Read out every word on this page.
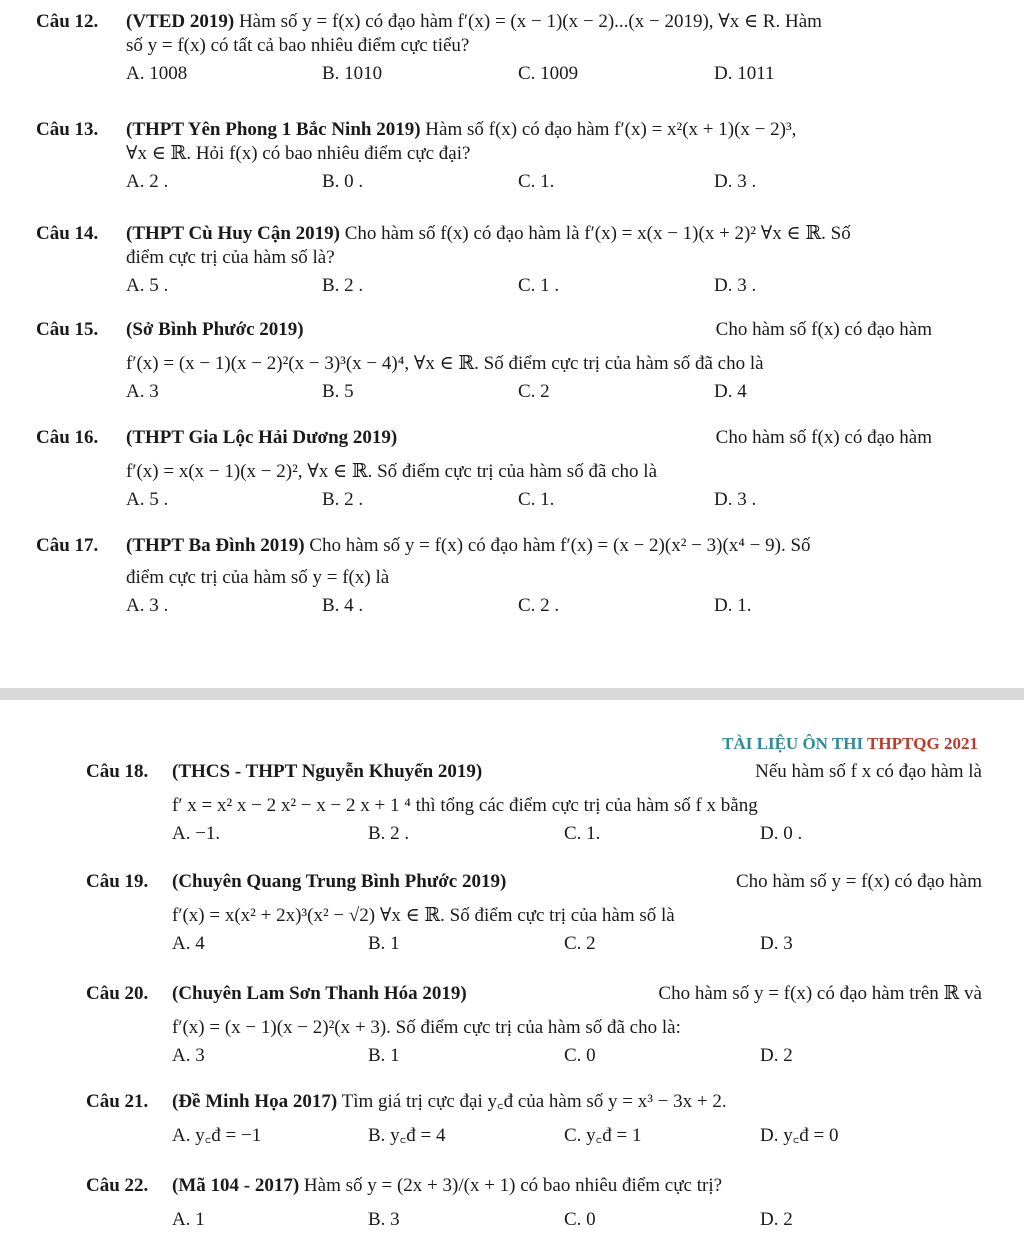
Câu 12. (VTED 2019) Hàm số y = f(x) có đạo hàm f′(x) = (x − 1)(x − 2)...(x − 2019), ∀x ∈ R. Hàm
số y = f(x) có tất cả bao nhiêu điểm cực tiểu?
A. 1008	B. 1010	C. 1009	D. 1011
Câu 13. (THPT Yên Phong 1 Bắc Ninh 2019) Hàm số f(x) có đạo hàm f′(x) = x²(x + 1)(x − 2)³,
∀x ∈ ℝ. Hỏi f(x) có bao nhiêu điểm cực đại?
A. 2 .	B. 0 .	C. 1.	D. 3 .
Câu 14. (THPT Cù Huy Cận 2019) Cho hàm số f(x) có đạo hàm là f′(x) = x(x − 1)(x + 2)² ∀x ∈ ℝ. Số
điểm cực trị của hàm số là?
A. 5 .	B. 2 .	C. 1 .	D. 3 .
Câu 15. (Sở Bình Phước 2019)	Cho hàm số f(x) có đạo hàm
f′(x) = (x − 1)(x − 2)²(x − 3)³(x − 4)⁴, ∀x ∈ ℝ. Số điểm cực trị của hàm số đã cho là
A. 3	B. 5	C. 2	D. 4
Câu 16. (THPT Gia Lộc Hải Dương 2019)	Cho hàm số f(x) có đạo hàm
f′(x) = x(x − 1)(x − 2)², ∀x ∈ ℝ. Số điểm cực trị của hàm số đã cho là
A. 5 .	B. 2 .	C. 1.	D. 3 .
Câu 17. (THPT Ba Đình 2019) Cho hàm số y = f(x) có đạo hàm f′(x) = (x − 2)(x² − 3)(x⁴ − 9). Số
điểm cực trị của hàm số y = f(x) là
A. 3 .	B. 4 .	C. 2 .	D. 1.
TÀI LIỆU ÔN THI THPTQG 2021
Câu 18. (THCS - THPT Nguyễn Khuyến 2019)	Nếu hàm số f x có đạo hàm là
f′ x = x² x − 2 x² − x − 2 x + 1 ⁴ thì tổng các điểm cực trị của hàm số f x bằng
A. −1.	B. 2 .	C. 1.	D. 0 .
Câu 19. (Chuyên Quang Trung Bình Phước 2019)	Cho hàm số y = f(x) có đạo hàm
f′(x) = x(x² + 2x)³(x² − √2) ∀x ∈ ℝ. Số điểm cực trị của hàm số là
A. 4	B. 1	C. 2	D. 3
Câu 20. (Chuyên Lam Sơn Thanh Hóa 2019)	Cho hàm số y = f(x) có đạo hàm trên ℝ và
f′(x) = (x − 1)(x − 2)²(x + 3). Số điểm cực trị của hàm số đã cho là:
A. 3	B. 1	C. 0	D. 2
Câu 21. (Đề Minh Họa 2017) Tìm giá trị cực đại y꜀đ của hàm số y = x³ − 3x + 2.
A. y꜀đ = −1	B. y꜀đ = 4	C. y꜀đ = 1	D. y꜀đ = 0
Câu 22. (Mã 104 - 2017) Hàm số y = (2x + 3)/(x + 1) có bao nhiêu điểm cực trị?
A. 1	B. 3	C. 0	D. 2
